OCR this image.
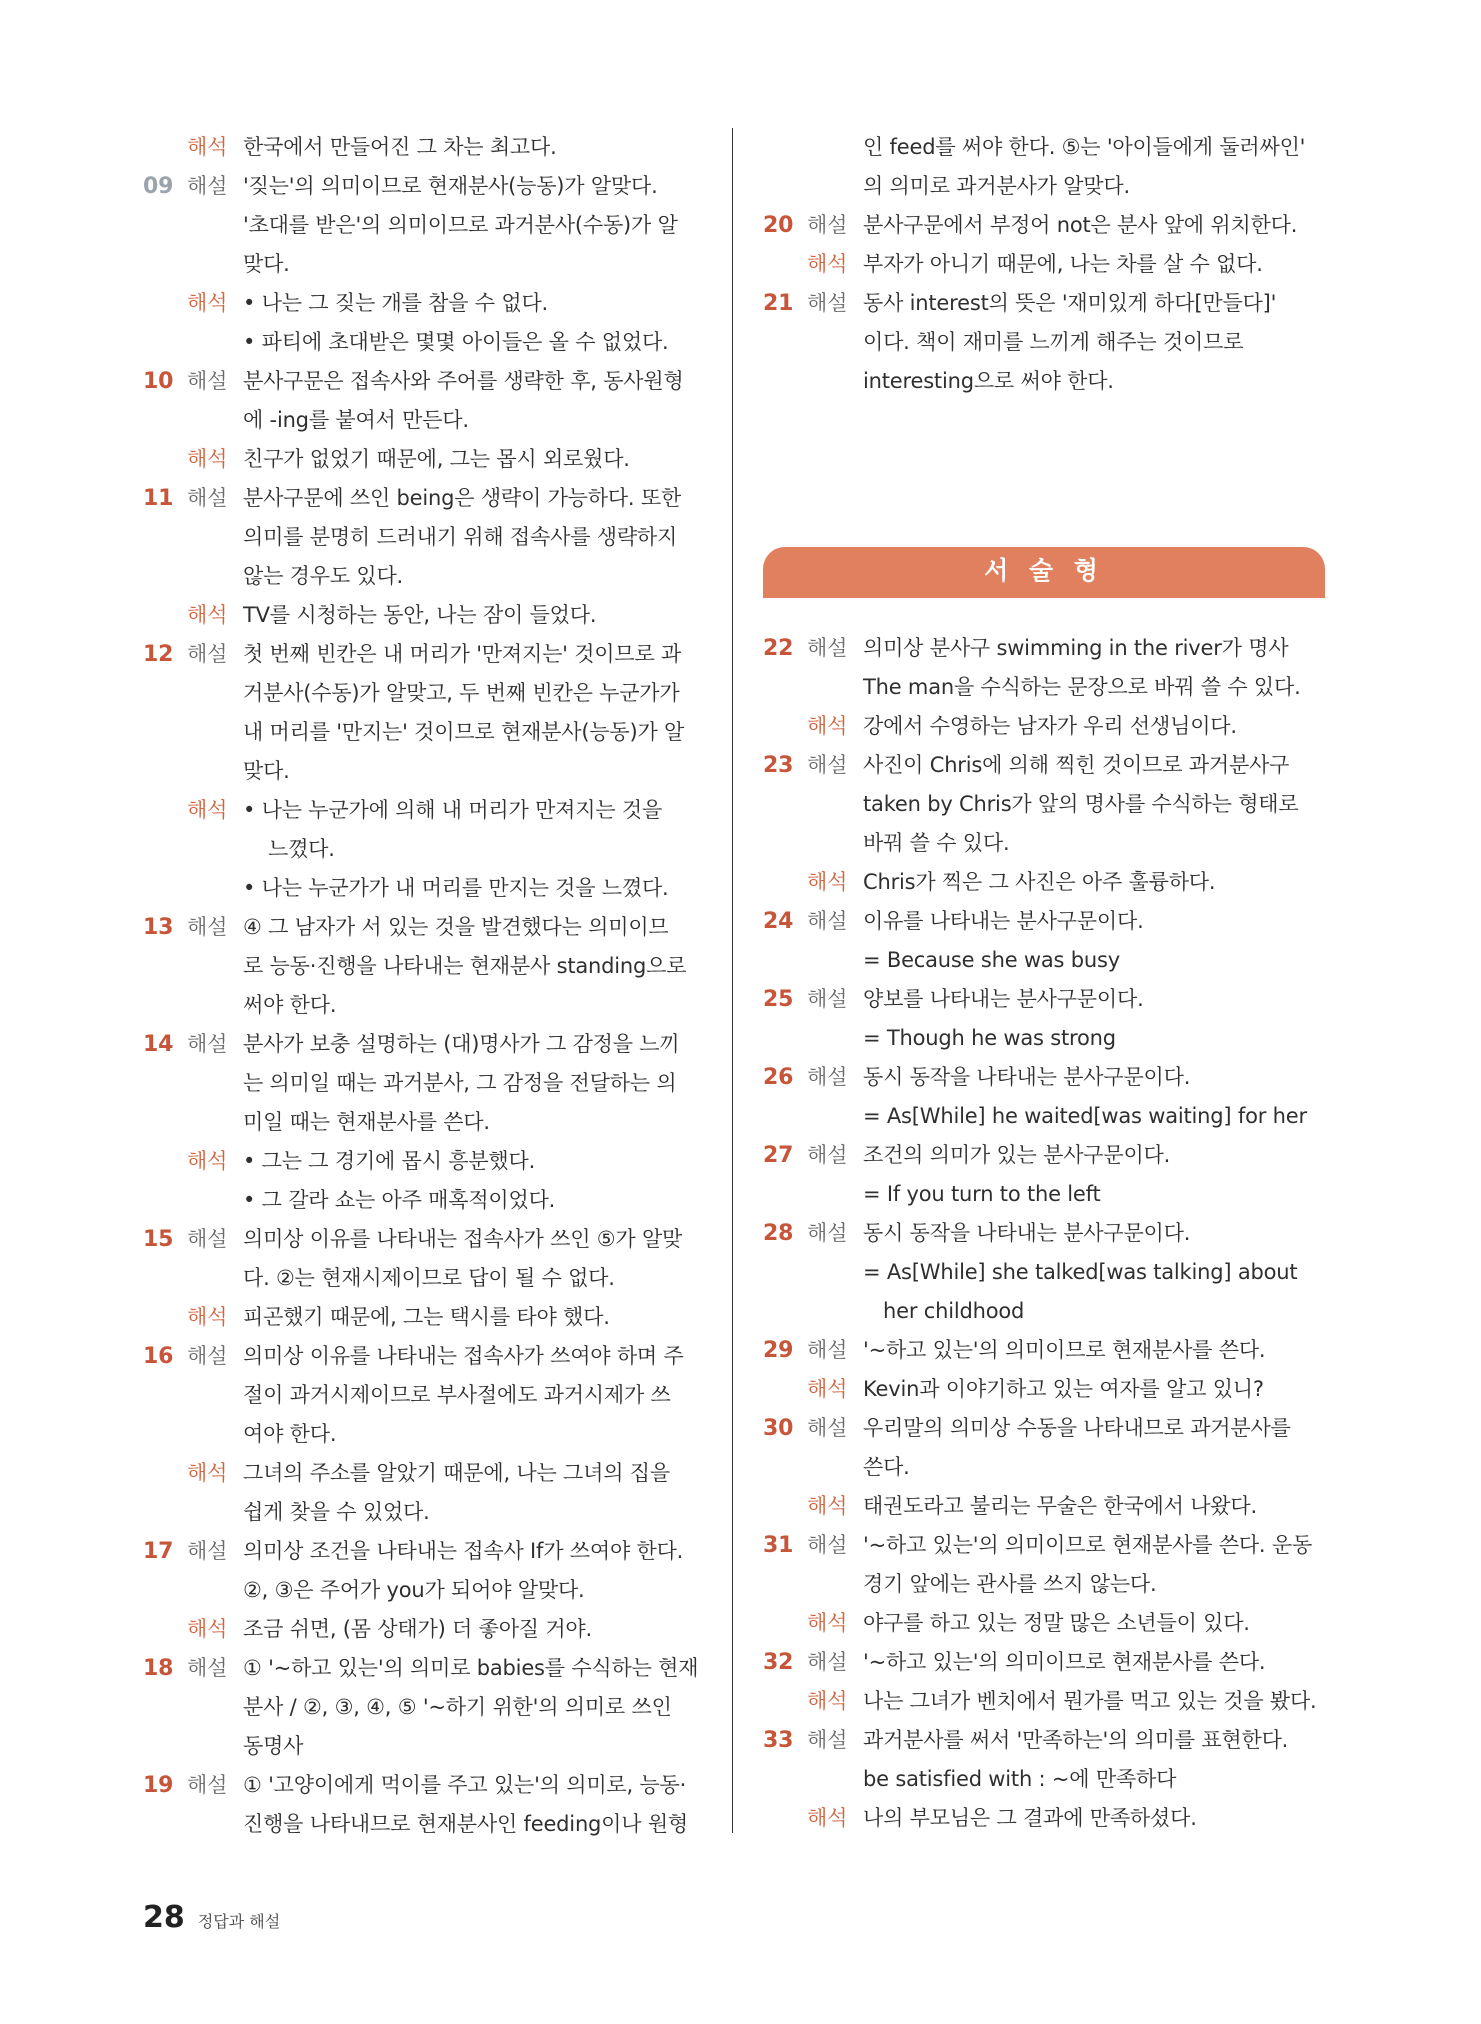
해석 한국에서 만들어진 그 차는 최고다.
09 해설 '짖는'의 의미이므로 현재분사(능동)가 알맞다.
'초대를 받은'의 의미이므로 과거분사(수동)가 알
맞다.
해석 • 나는 그 짖는 개를 참을 수 없다.
• 파티에 초대받은 몇몇 아이들은 올 수 없었다.
10 해설 분사구문은 접속사와 주어를 생략한 후, 동사원형
에 -ing를 붙여서 만든다.
해석 친구가 없었기 때문에, 그는 몹시 외로웠다.
11 해설 분사구문에 쓰인 being은 생략이 가능하다. 또한
의미를 분명히 드러내기 위해 접속사를 생략하지
않는 경우도 있다.
해석 TV를 시청하는 동안, 나는 잠이 들었다.
12 해설 첫 번째 빈칸은 내 머리가 '만져지는' 것이므로 과
거분사(수동)가 알맞고, 두 번째 빈칸은 누군가가
내 머리를 '만지는' 것이므로 현재분사(능동)가 알
맞다.
해석 • 나는 누군가에 의해 내 머리가 만져지는 것을
느꼈다.
• 나는 누군가가 내 머리를 만지는 것을 느꼈다.
13 해설 ④ 그 남자가 서 있는 것을 발견했다는 의미이므
로 능동·진행을 나타내는 현재분사 standing으로
써야 한다.
14 해설 분사가 보충 설명하는 (대)명사가 그 감정을 느끼
는 의미일 때는 과거분사, 그 감정을 전달하는 의
미일 때는 현재분사를 쓴다.
해석 • 그는 그 경기에 몹시 흥분했다.
• 그 갈라 쇼는 아주 매혹적이었다.
15 해설 의미상 이유를 나타내는 접속사가 쓰인 ⑤가 알맞
다. ②는 현재시제이므로 답이 될 수 없다.
해석 피곤했기 때문에, 그는 택시를 타야 했다.
16 해설 의미상 이유를 나타내는 접속사가 쓰여야 하며 주
절이 과거시제이므로 부사절에도 과거시제가 쓰
여야 한다.
해석 그녀의 주소를 알았기 때문에, 나는 그녀의 집을
쉽게 찾을 수 있었다.
17 해설 의미상 조건을 나타내는 접속사 If가 쓰여야 한다.
②, ③은 주어가 you가 되어야 알맞다.
해석 조금 쉬면, (몸 상태가) 더 좋아질 거야.
18 해설 ① '~하고 있는'의 의미로 babies를 수식하는 현재
분사 / ②, ③, ④, ⑤ '~하기 위한'의 의미로 쓰인
동명사
19 해설 ① '고양이에게 먹이를 주고 있는'의 의미로, 능동·
진행을 나타내므로 현재분사인 feeding이나 원형
인 feed를 써야 한다. ⑤는 '아이들에게 둘러싸인'
의 의미로 과거분사가 알맞다.
20 해설 분사구문에서 부정어 not은 분사 앞에 위치한다.
해석 부자가 아니기 때문에, 나는 차를 살 수 없다.
21 해설 동사 interest의 뜻은 '재미있게 하다[만들다]'
이다. 책이 재미를 느끼게 해주는 것이므로
interesting으로 써야 한다.
서 술 형
22 해설 의미상 분사구 swimming in the river가 명사
The man을 수식하는 문장으로 바꿔 쓸 수 있다.
해석 강에서 수영하는 남자가 우리 선생님이다.
23 해설 사진이 Chris에 의해 찍힌 것이므로 과거분사구
taken by Chris가 앞의 명사를 수식하는 형태로
바꿔 쓸 수 있다.
해석 Chris가 찍은 그 사진은 아주 훌륭하다.
24 해설 이유를 나타내는 분사구문이다.
= Because she was busy
25 해설 양보를 나타내는 분사구문이다.
= Though he was strong
26 해설 동시 동작을 나타내는 분사구문이다.
= As[While] he waited[was waiting] for her
27 해설 조건의 의미가 있는 분사구문이다.
= If you turn to the left
28 해설 동시 동작을 나타내는 분사구문이다.
= As[While] she talked[was talking] about
her childhood
29 해설 '~하고 있는'의 의미이므로 현재분사를 쓴다.
해석 Kevin과 이야기하고 있는 여자를 알고 있니?
30 해설 우리말의 의미상 수동을 나타내므로 과거분사를
쓴다.
해석 태권도라고 불리는 무술은 한국에서 나왔다.
31 해설 '~하고 있는'의 의미이므로 현재분사를 쓴다. 운동
경기 앞에는 관사를 쓰지 않는다.
해석 야구를 하고 있는 정말 많은 소년들이 있다.
32 해설 '~하고 있는'의 의미이므로 현재분사를 쓴다.
해석 나는 그녀가 벤치에서 뭔가를 먹고 있는 것을 봤다.
33 해설 과거분사를 써서 '만족하는'의 의미를 표현한다.
be satisfied with : ~에 만족하다
해석 나의 부모님은 그 결과에 만족하셨다.
28 정답과 해설
